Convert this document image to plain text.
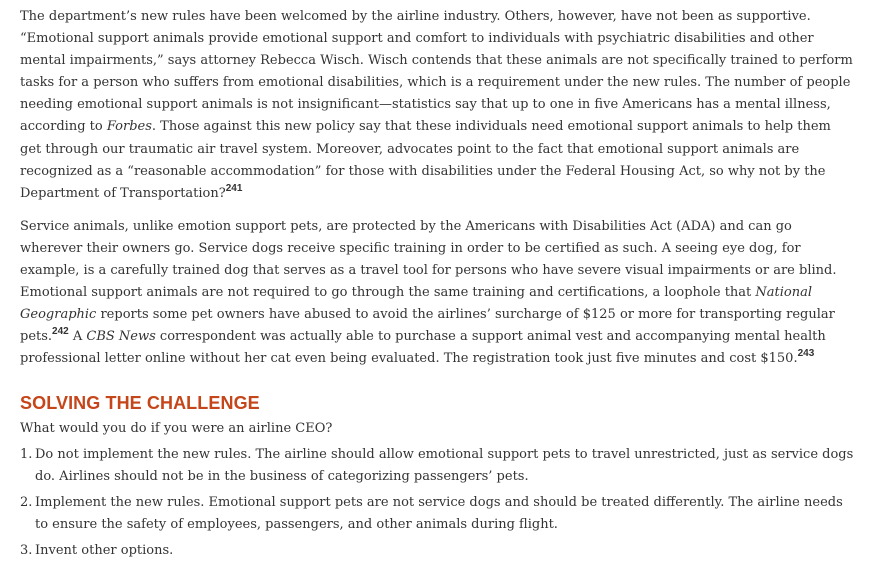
The department’s new rules have been welcomed by the airline industry. Others, however, have not been as supportive. “Emotional support animals provide emotional support and comfort to individuals with psychiatric disabilities and other mental impairments,” says attorney Rebecca Wisch. Wisch contends that these animals are not specifically trained to perform tasks for a person who suffers from emotional disabilities, which is a requirement under the new rules. The number of people needing emotional support animals is not insignificant—statistics say that up to one in five Americans has a mental illness, according to Forbes. Those against this new policy say that these individuals need emotional support animals to help them get through our traumatic air travel system. Moreover, advocates point to the fact that emotional support animals are recognized as a “reasonable accommodation” for those with disabilities under the Federal Housing Act, so why not by the Department of Transportation?$^{241}$

Service animals, unlike emotion support pets, are protected by the Americans with Disabilities Act (ADA) and can go wherever their owners go. Service dogs receive specific training in order to be certified as such. A seeing eye dog, for example, is a carefully trained dog that serves as a travel tool for persons who have severe visual impairments or are blind. Emotional support animals are not required to go through the same training and certifications, a loophole that National Geographic reports some pet owners have abused to avoid the airlines’ surcharge of $125 or more for transporting regular pets.$^{242}$ A CBS News correspondent was actually able to purchase a support animal vest and accompanying mental health professional letter online without her cat even being evaluated. The registration took just five minutes and cost $150.$^{243}$

SOLVING THE CHALLENGE

What would you do if you were an airline CEO?

1. Do not implement the new rules. The airline should allow emotional support pets to travel unrestricted, just as service dogs do. Airlines should not be in the business of categorizing passengers’ pets.
2. Implement the new rules. Emotional support pets are not service dogs and should be treated differently. The airline needs to ensure the safety of employees, passengers, and other animals during flight.
3. Invent other options.
